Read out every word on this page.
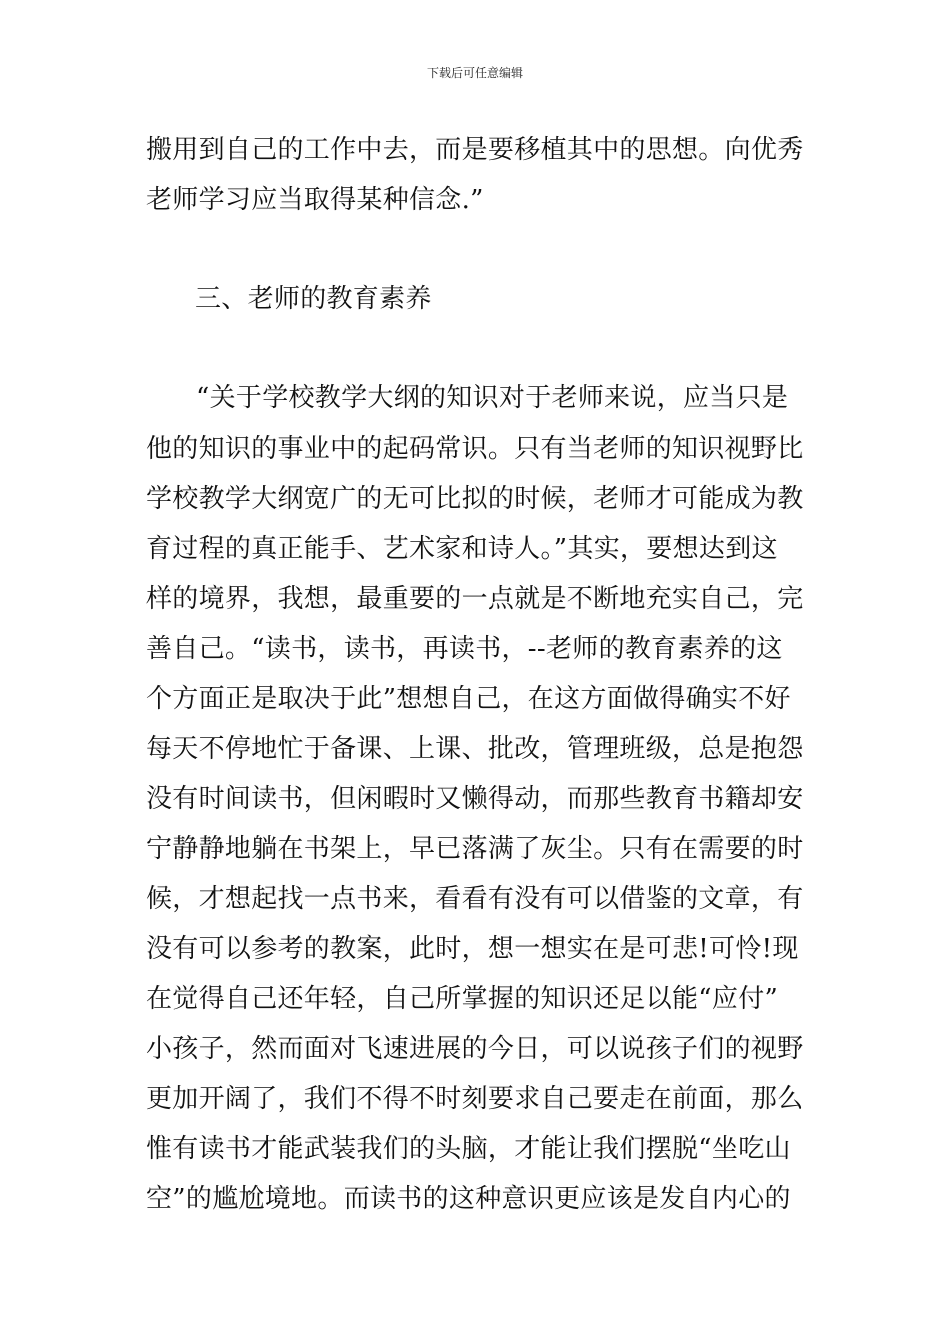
下载后可任意编辑
搬用到自己的工作中去，而是要移植其中的思想。向优秀
老师学习应当取得某种信念.”
三、老师的教育素养
“关于学校教学大纲的知识对于老师来说，应当只是
他的知识的事业中的起码常识。只有当老师的知识视野比
学校教学大纲宽广的无可比拟的时候，老师才可能成为教
育过程的真正能手、艺术家和诗人。”其实，要想达到这
样的境界，我想，最重要的一点就是不断地充实自己，完
善自己。“读书，读书，再读书，--老师的教育素养的这
个方面正是取决于此”想想自己，在这方面做得确实不好
每天不停地忙于备课、上课、批改，管理班级，总是抱怨
没有时间读书，但闲暇时又懒得动，而那些教育书籍却安
宁静静地躺在书架上，早已落满了灰尘。只有在需要的时
候，才想起找一点书来，看看有没有可以借鉴的文章，有
没有可以参考的教案，此时，想一想实在是可悲!可怜!现
在觉得自己还年轻，自己所掌握的知识还足以能“应付”
小孩子，然而面对飞速进展的今日，可以说孩子们的视野
更加开阔了，我们不得不时刻要求自己要走在前面，那么
惟有读书才能武装我们的头脑，才能让我们摆脱“坐吃山
空”的尴尬境地。而读书的这种意识更应该是发自内心的
